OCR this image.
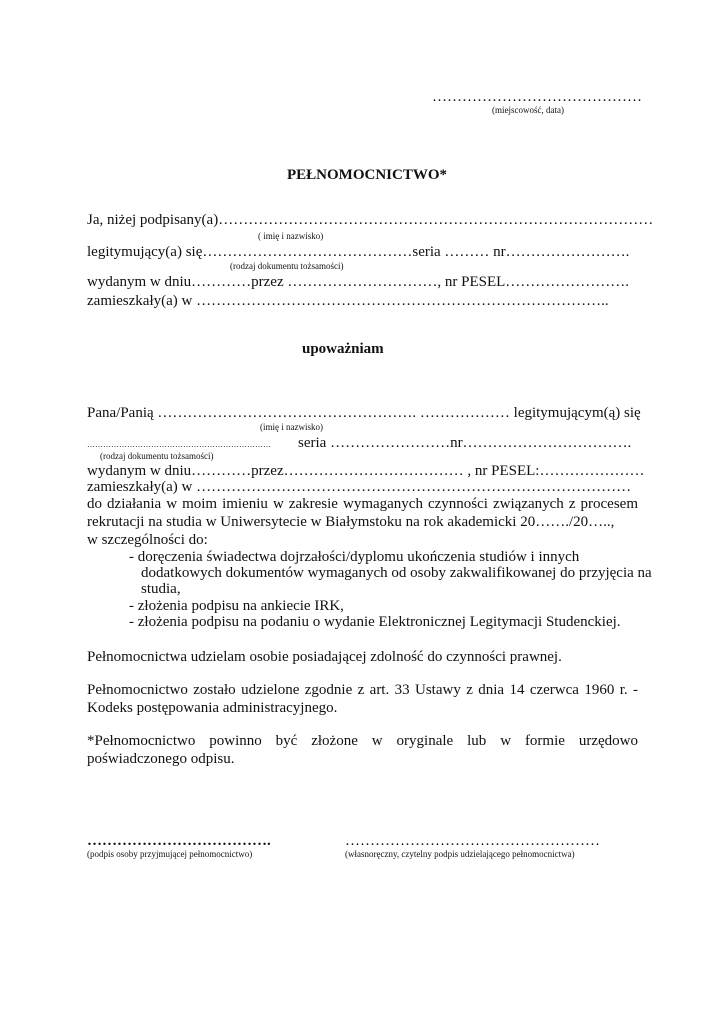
……………………………………
(miejscowość, data)
PEŁNOMOCNICTWO*
Ja, niżej podpisany(a)……………………………………………………………………………
( imię i nazwisko)
legitymujący(a) się……………………………………seria ……… nr…………………….
(rodzaj dokumentu tożsamości)
wydanym w dniu…………przez …………………………, nr PESEL…………………….
zamieszkały(a) w ………………………………………………………………………..
upoważniam
Pana/Panią ……………………………………………. ……………… legitymującym(ą) się
(imię i nazwisko)
…………………………………………………………… seria ……………………nr…………………………….
(rodzaj dokumentu tożsamości)
wydanym w dniu…………przez……………………………… , nr PESEL:…………………
zamieszkały(a) w ……………………………………………………………………………
do działania w moim imieniu w zakresie wymaganych czynności związanych z procesem rekrutacji na studia w Uniwersytecie w Białymstoku na rok akademicki 20……./20…..,
w szczególności do:
- doręczenia świadectwa dojrzałości/dyplomu ukończenia studiów i innych
dodatkowych dokumentów wymaganych od osoby zakwalifikowanej do przyjęcia na
studia,
- złożenia podpisu na ankiecie IRK,
- złożenia podpisu na podaniu o wydanie Elektronicznej Legitymacji Studenckiej.
Pełnomocnictwa udzielam osobie posiadającej zdolność do czynności prawnej.
Pełnomocnictwo zostało udzielone zgodnie z art. 33 Ustawy z dnia 14 czerwca 1960 r. - Kodeks postępowania administracyjnego.
*Pełnomocnictwo powinno być złożone w oryginale lub w formie urzędowo poświadczonego odpisu.
……………………………….
(podpis osoby przyjmującej pełnomocnictwo)
……………………………………………
(własnoręczny, czytelny podpis udzielającego pełnomocnictwa)
